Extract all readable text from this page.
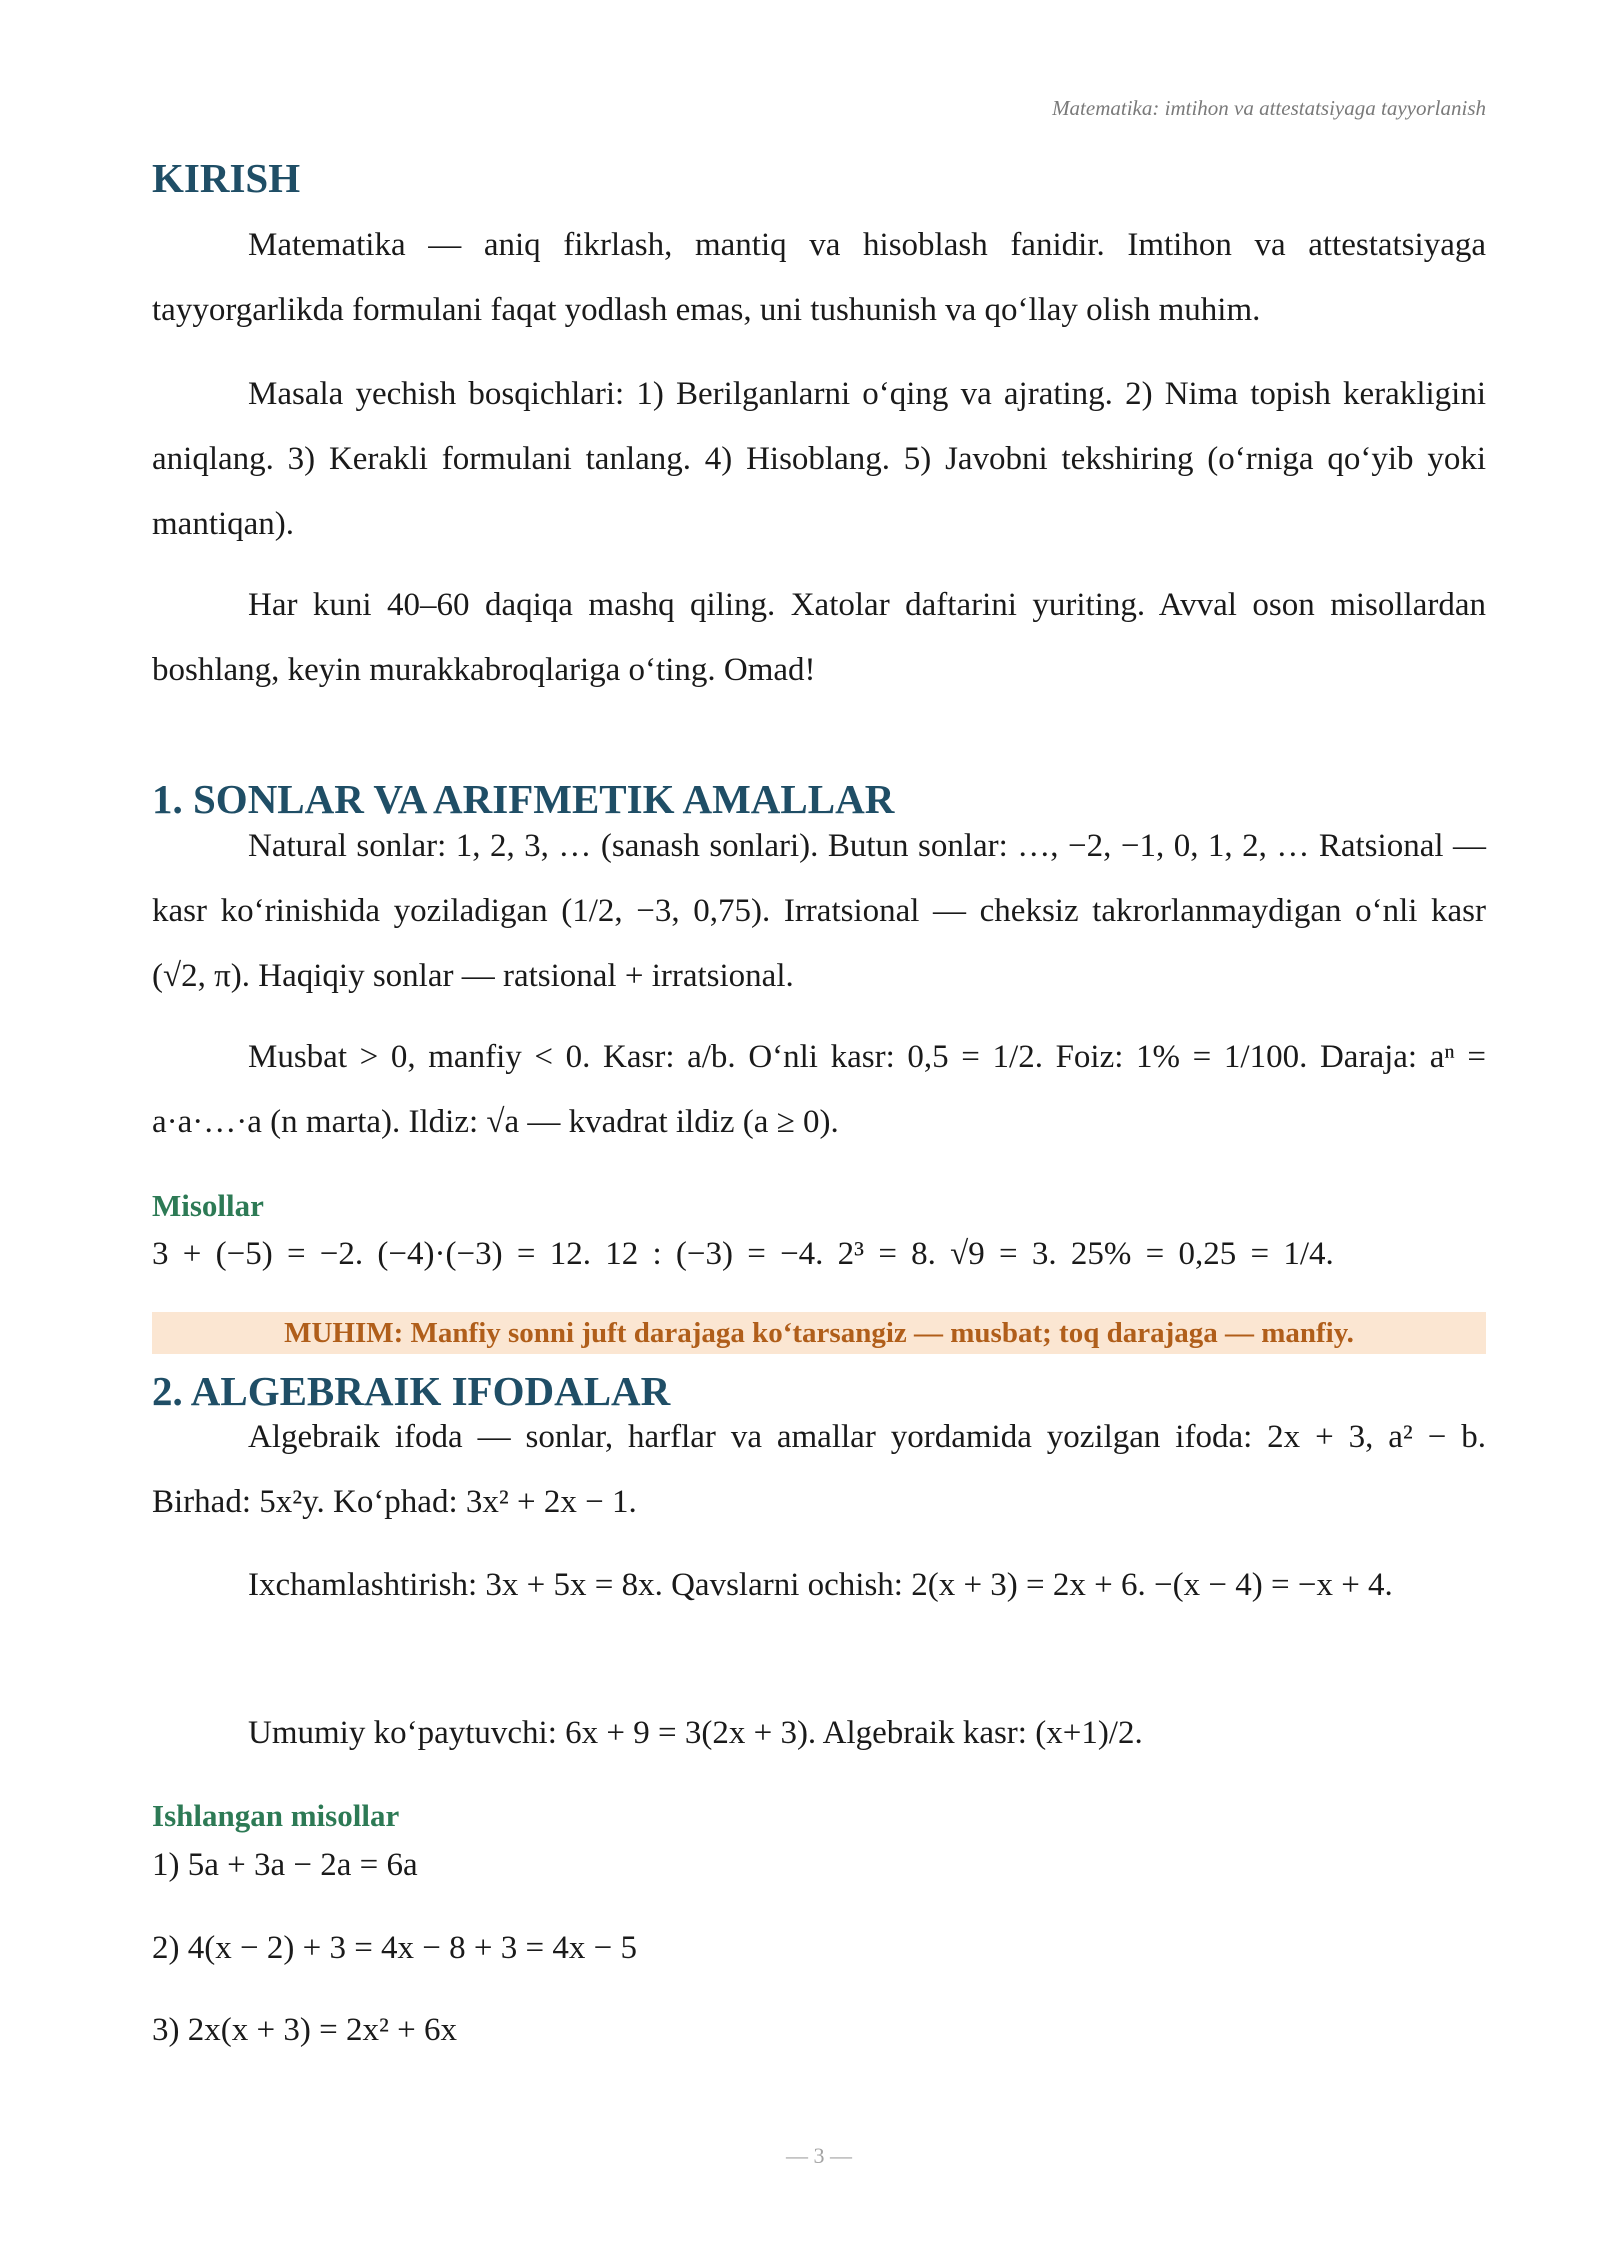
Matematika: imtihon va attestatsiyaga tayyorlanish
KIRISH

Matematika — aniq fikrlash, mantiq va hisoblash fanidir. Imtihon va attestatsiyaga tayyorgarlikda formulani faqat yodlash emas, uni tushunish va qo‘llay olish muhim.

Masala yechish bosqichlari: 1) Berilganlarni o‘qing va ajrating. 2) Nima topish kerakligini aniqlang. 3) Kerakli formulani tanlang. 4) Hisoblang. 5) Javobni tekshiring (o‘rniga qo‘yib yoki mantiqan).

Har kuni 40–60 daqiqa mashq qiling. Xatolar daftarini yuriting. Avval oson misollardan boshlang, keyin murakkabroqlariga o‘ting. Omad!

1. SONLAR VA ARIFMETIK AMALLAR

Natural sonlar: 1, 2, 3, … (sanash sonlari). Butun sonlar: …, −2, −1, 0, 1, 2, … Ratsional — kasr ko‘rinishida yoziladigan (1/2, −3, 0,75). Irratsional — cheksiz takrorlanmaydigan o‘nli kasr (√2, π). Haqiqiy sonlar — ratsional + irratsional.

Musbat > 0, manfiy < 0. Kasr: a/b. O‘nli kasr: 0,5 = 1/2. Foiz: 1% = 1/100. Daraja: aⁿ = a·a·…·a (n marta). Ildiz: √a — kvadrat ildiz (a ≥ 0).

Misollar

3 + (−5) = −2. (−4)·(−3) = 12. 12 : (−3) = −4. 2³ = 8. √9 = 3. 25% = 0,25 = 1/4.

MUHIM: Manfiy sonni juft darajaga ko‘tarsangiz — musbat; toq darajaga — manfiy.
2. ALGEBRAIK IFODALAR

Algebraik ifoda — sonlar, harflar va amallar yordamida yozilgan ifoda: 2x + 3, a² − b. Birhad: 5x²y. Ko‘phad: 3x² + 2x − 1.

Ixchamlashtirish: 3x + 5x = 8x. Qavslarni ochish: 2(x + 3) = 2x + 6. −(x − 4) = −x + 4.

Umumiy ko‘paytuvchi: 6x + 9 = 3(2x + 3). Algebraik kasr: (x+1)/2.

Ishlangan misollar

1) 5a + 3a − 2a = 6a

2) 4(x − 2) + 3 = 4x − 8 + 3 = 4x − 5

3) 2x(x + 3) = 2x² + 6x

— 3 —
